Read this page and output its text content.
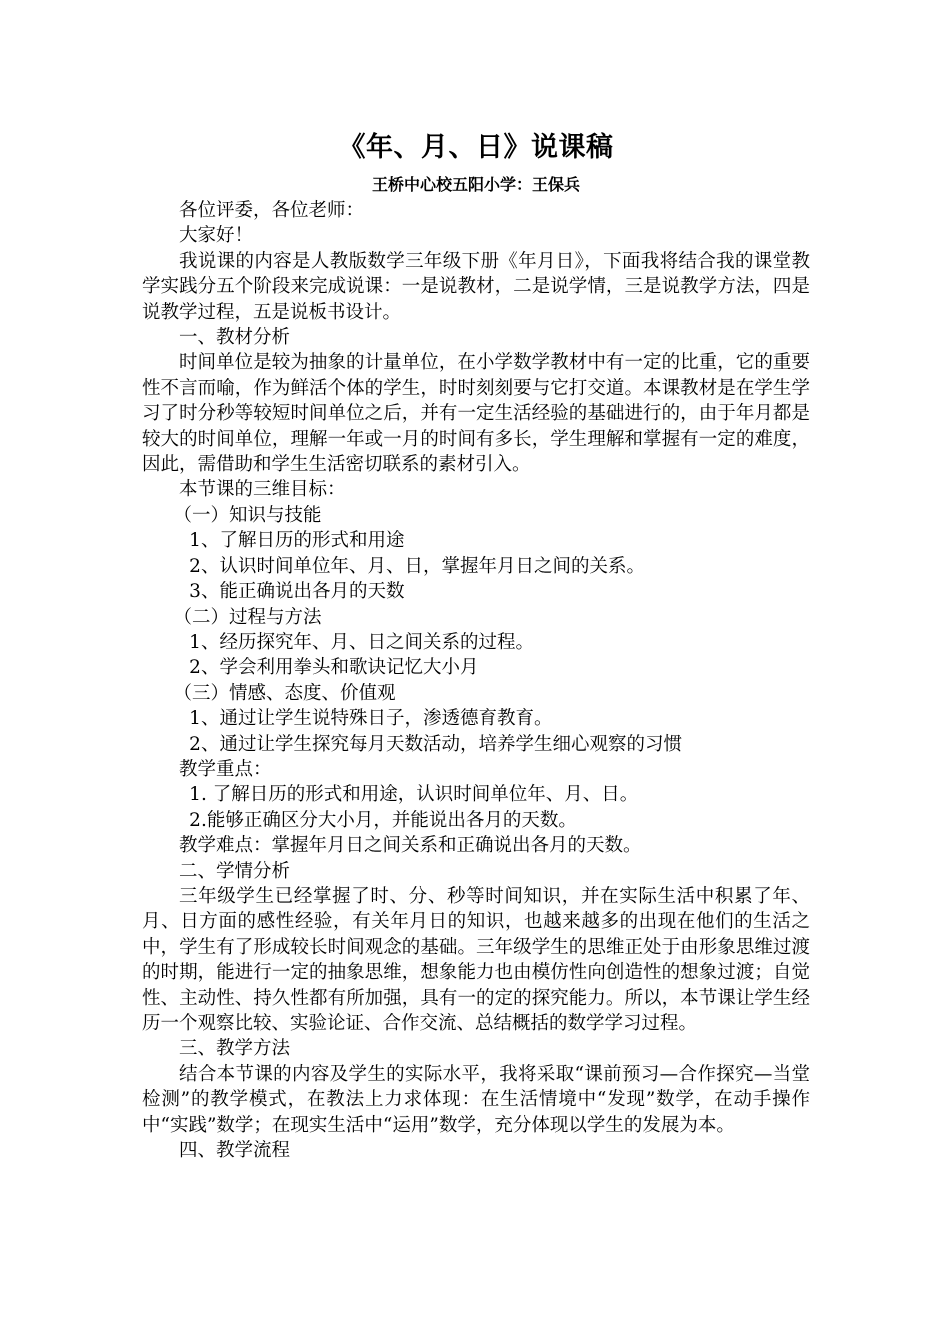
《年、月、日》说课稿
王桥中心校五阳小学：王保兵

各位评委，各位老师：

大家好！

我说课的内容是人教版数学三年级下册《年月日》，下面我将结合我的课堂教学实践分五个阶段来完成说课：一是说教材，二是说学情，三是说教学方法，四是说教学过程，五是说板书设计。

一、教材分析

时间单位是较为抽象的计量单位，在小学数学教材中有一定的比重，它的重要性不言而喻，作为鲜活个体的学生，时时刻刻要与它打交道。本课教材是在学生学习了时分秒等较短时间单位之后，并有一定生活经验的基础进行的，由于年月都是较大的时间单位，理解一年或一月的时间有多长，学生理解和掌握有一定的难度，因此，需借助和学生生活密切联系的素材引入。

本节课的三维目标：

（一）知识与技能

1、了解日历的形式和用途

2、认识时间单位年、月、日，掌握年月日之间的关系。

3、能正确说出各月的天数

（二）过程与方法

1、经历探究年、月、日之间关系的过程。

2、学会利用拳头和歌诀记忆大小月

（三）情感、态度、价值观

1、通过让学生说特殊日子，渗透德育教育。

2、通过让学生探究每月天数活动，培养学生细心观察的习惯

教学重点：

1. 了解日历的形式和用途，认识时间单位年、月、日。

2.能够正确区分大小月，并能说出各月的天数。

教学难点：掌握年月日之间关系和正确说出各月的天数。

二、学情分析

三年级学生已经掌握了时、分、秒等时间知识，并在实际生活中积累了年、月、日方面的感性经验，有关年月日的知识，也越来越多的出现在他们的生活之中，学生有了形成较长时间观念的基础。三年级学生的思维正处于由形象思维过渡的时期，能进行一定的抽象思维，想象能力也由模仿性向创造性的想象过渡；自觉性、主动性、持久性都有所加强，具有一的定的探究能力。所以，本节课让学生经历一个观察比较、实验论证、合作交流、总结概括的数学学习过程。

三、教学方法

结合本节课的内容及学生的实际水平，我将采取“课前预习—合作探究—当堂检测”的教学模式，在教法上力求体现：在生活情境中“发现”数学，在动手操作中“实践”数学；在现实生活中“运用”数学，充分体现以学生的发展为本。

四、教学流程
